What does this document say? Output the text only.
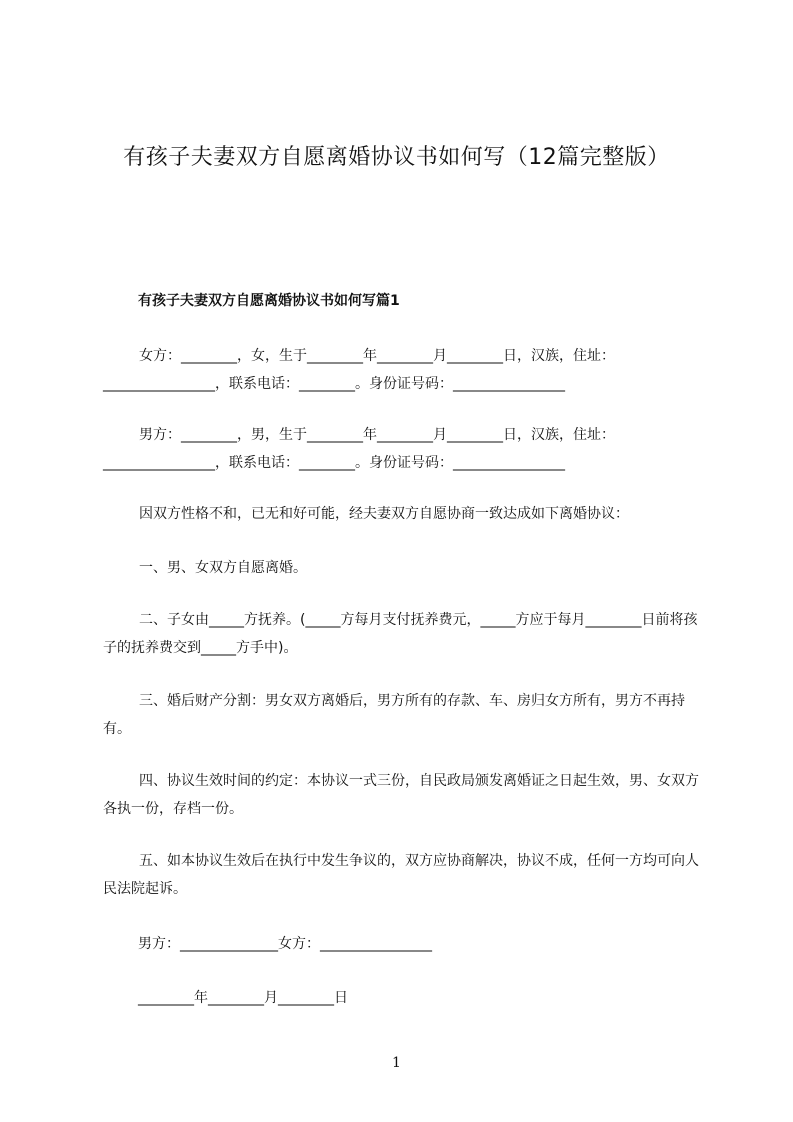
有孩子夫妻双方自愿离婚协议书如何写（12篇完整版）
有孩子夫妻双方自愿离婚协议书如何写篇1
女方：________，女，生于________年________月________日，汉族，住址：________________，联系电话：________。身份证号码：________________
男方：________，男，生于________年________月________日，汉族，住址：________________，联系电话：________。身份证号码：________________
因双方性格不和，已无和好可能，经夫妻双方自愿协商一致达成如下离婚协议：
一、男、女双方自愿离婚。
二、子女由_____方抚养。(_____方每月支付抚养费元，_____方应于每月________日前将孩子的抚养费交到_____方手中)。
三、婚后财产分割：男女双方离婚后，男方所有的存款、车、房归女方所有，男方不再持有。
四、协议生效时间的约定：本协议一式三份，自民政局颁发离婚证之日起生效，男、女双方各执一份，存档一份。
五、如本协议生效后在执行中发生争议的，双方应协商解决，协议不成，任何一方均可向人民法院起诉。
男方：______________女方：________________
________年________月________日
1
